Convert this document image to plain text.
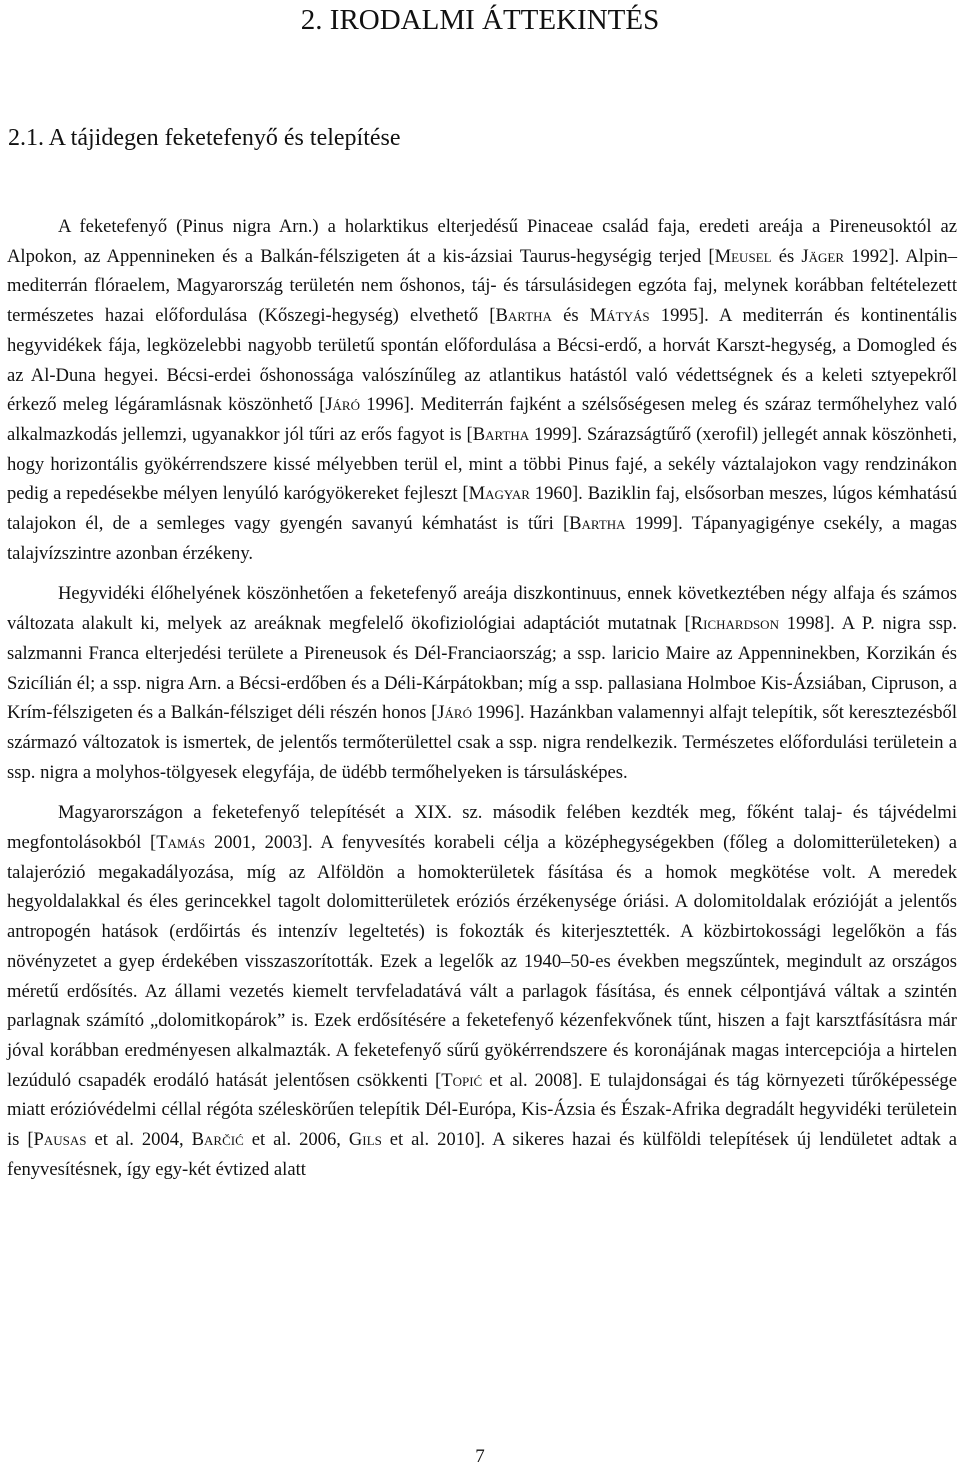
2. IRODALMI ÁTTEKINTÉS
2.1. A tájidegen feketefenyő és telepítése

A feketefenyő (Pinus nigra Arn.) a holarktikus elterjedésű Pinaceae család faja, eredeti areája a Pireneusoktól az Alpokon, az Appennineken és a Balkán-félszigeten át a kis-ázsiai Taurus-hegységig terjed [Meusel és Jäger 1992]. Alpin–mediterrán flóraelem, Magyarország területén nem őshonos, táj- és társulásidegen egzóta faj, melynek korábban feltételezett természetes hazai előfordulása (Kőszegi-hegység) elvethető [Bartha és Mátyás 1995]. A mediterrán és kontinentális hegyvidékek fája, legközelebbi nagyobb területű spontán előfordulása a Bécsi-erdő, a horvát Karszt-hegység, a Domogled és az Al-Duna hegyei. Bécsi-erdei őshonossága valószínűleg az atlantikus hatástól való védettségnek és a keleti sztyepekről érkező meleg légáramlásnak köszönhető [Járó 1996]. Mediterrán fajként a szélsőségesen meleg és száraz termőhelyhez való alkalmazkodás jellemzi, ugyanakkor jól tűri az erős fagyot is [Bartha 1999]. Szárazságtűrő (xerofil) jellegét annak köszönheti, hogy horizontális gyökérrendszere kissé mélyebben terül el, mint a többi Pinus fajé, a sekély váztalajokon vagy rendzinákon pedig a repedésekbe mélyen lenyúló karógyökereket fejleszt [Magyar 1960]. Baziklin faj, elsősorban meszes, lúgos kémhatású talajokon él, de a semleges vagy gyengén savanyú kémhatást is tűri [Bartha 1999]. Tápanyagigénye csekély, a magas talajvízszintre azonban érzékeny.

Hegyvidéki élőhelyének köszönhetően a feketefenyő areája diszkontinuus, ennek következtében négy alfaja és számos változata alakult ki, melyek az areáknak megfelelő ökofiziológiai adaptációt mutatnak [Richardson 1998]. A P. nigra ssp. salzmanni Franca elterjedési területe a Pireneusok és Dél-Franciaország; a ssp. laricio Maire az Appenninekben, Korzikán és Szicílián él; a ssp. nigra Arn. a Bécsi-erdőben és a Déli-Kárpátokban; míg a ssp. pallasiana Holmboe Kis-Ázsiában, Cipruson, a Krím-félszigeten és a Balkán-félsziget déli részén honos [Járó 1996]. Hazánkban valamennyi alfajt telepítik, sőt keresztezésből származó változatok is ismertek, de jelentős termőterülettel csak a ssp. nigra rendelkezik. Természetes előfordulási területein a ssp. nigra a molyhos-tölgyesek elegyfája, de üdébb termőhelyeken is társulásképes.

Magyarországon a feketefenyő telepítését a XIX. sz. második felében kezdték meg, főként talaj- és tájvédelmi megfontolásokból [Tamás 2001, 2003]. A fenyvesítés korabeli célja a középhegységekben (főleg a dolomitterületeken) a talajerózió megakadályozása, míg az Alföldön a homokterületek fásítása és a homok megkötése volt. A meredek hegyoldalakkal és éles gerincekkel tagolt dolomitterületek eróziós érzékenysége óriási. A dolomitoldalak erózióját a jelentős antropogén hatások (erdőirtás és intenzív legeltetés) is fokozták és kiterjesztették. A közbirtokossági legelőkön a fás növényzetet a gyep érdekében visszaszorították. Ezek a legelők az 1940–50-es években megszűntek, megindult az országos méretű erdősítés. Az állami vezetés kiemelt tervfeladatává vált a parlagok fásítása, és ennek célpontjává váltak a szintén parlagnak számító „dolomitkopárok” is. Ezek erdősítésére a feketefenyő kézenfekvőnek tűnt, hiszen a fajt karsztfásításra már jóval korábban eredményesen alkalmazták. A feketefenyő sűrű gyökérrendszere és koronájának magas intercepciója a hirtelen lezúduló csapadék erodáló hatását jelentősen csökkenti [Topić et al. 2008]. E tulajdonságai és tág környezeti tűrőképessége miatt erózióvédelmi céllal régóta széleskörűen telepítik Dél-Európa, Kis-Ázsia és Észak-Afrika degradált hegyvidéki területein is [Pausas et al. 2004, Barčić et al. 2006, Gils et al. 2010]. A sikeres hazai és külföldi telepítések új lendületet adtak a fenyvesítésnek, így egy-két évtized alatt

7
